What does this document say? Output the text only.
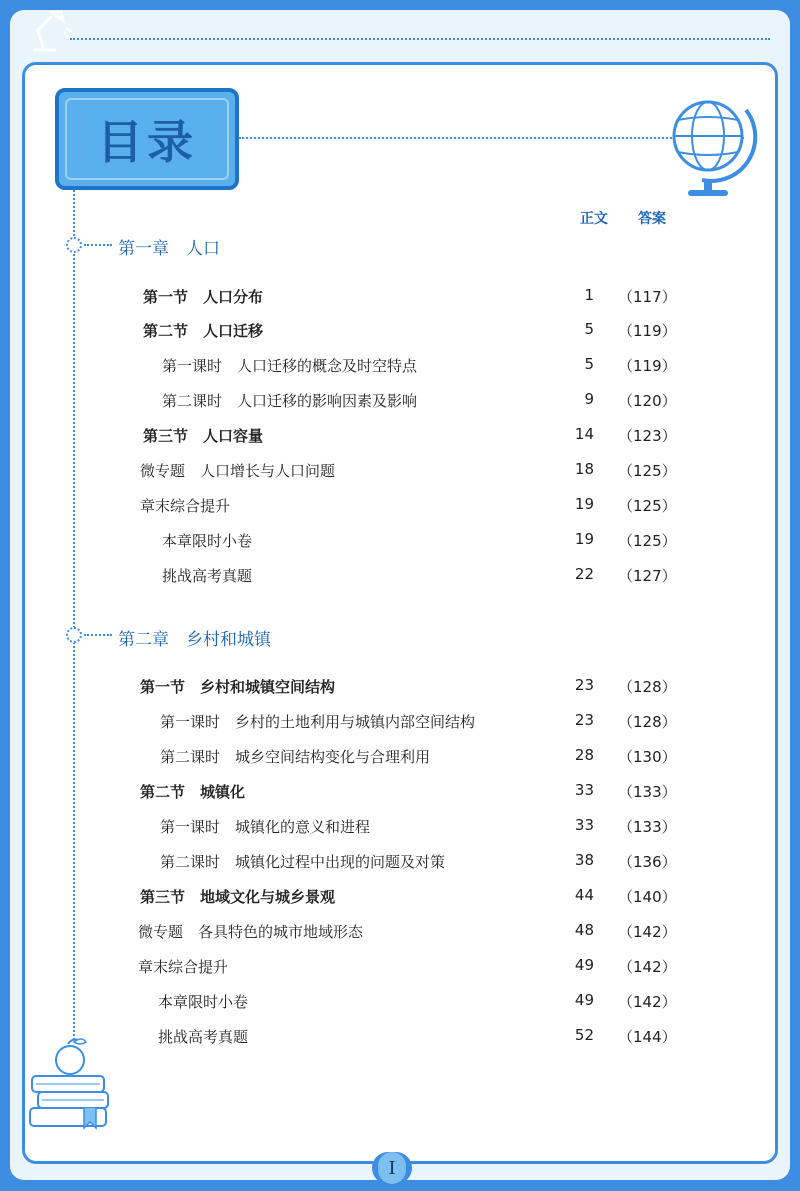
目录
正文 答案
第一章　人口
第一节　人口分布	1 （117）
第二节　人口迁移	5 （119）
第一课时　人口迁移的概念及时空特点	5 （119）
第二课时　人口迁移的影响因素及影响	9 （120）
第三节　人口容量	14 （123）
微专题　人口增长与人口问题	18 （125）
章末综合提升	19 （125）
本章限时小卷	19 （125）
挑战高考真题	22 （127）
第二章　乡村和城镇
第一节　乡村和城镇空间结构	23 （128）
第一课时　乡村的土地利用与城镇内部空间结构	23 （128）
第二课时　城乡空间结构变化与合理利用	28 （130）
第二节　城镇化	33 （133）
第一课时　城镇化的意义和进程	33 （133）
第二课时　城镇化过程中出现的问题及对策	38 （136）
第三节　地域文化与城乡景观	44 （140）
微专题　各具特色的城市地域形态	48 （142）
章末综合提升	49 （142）
本章限时小卷	49 （142）
挑战高考真题	52 （144）
I
